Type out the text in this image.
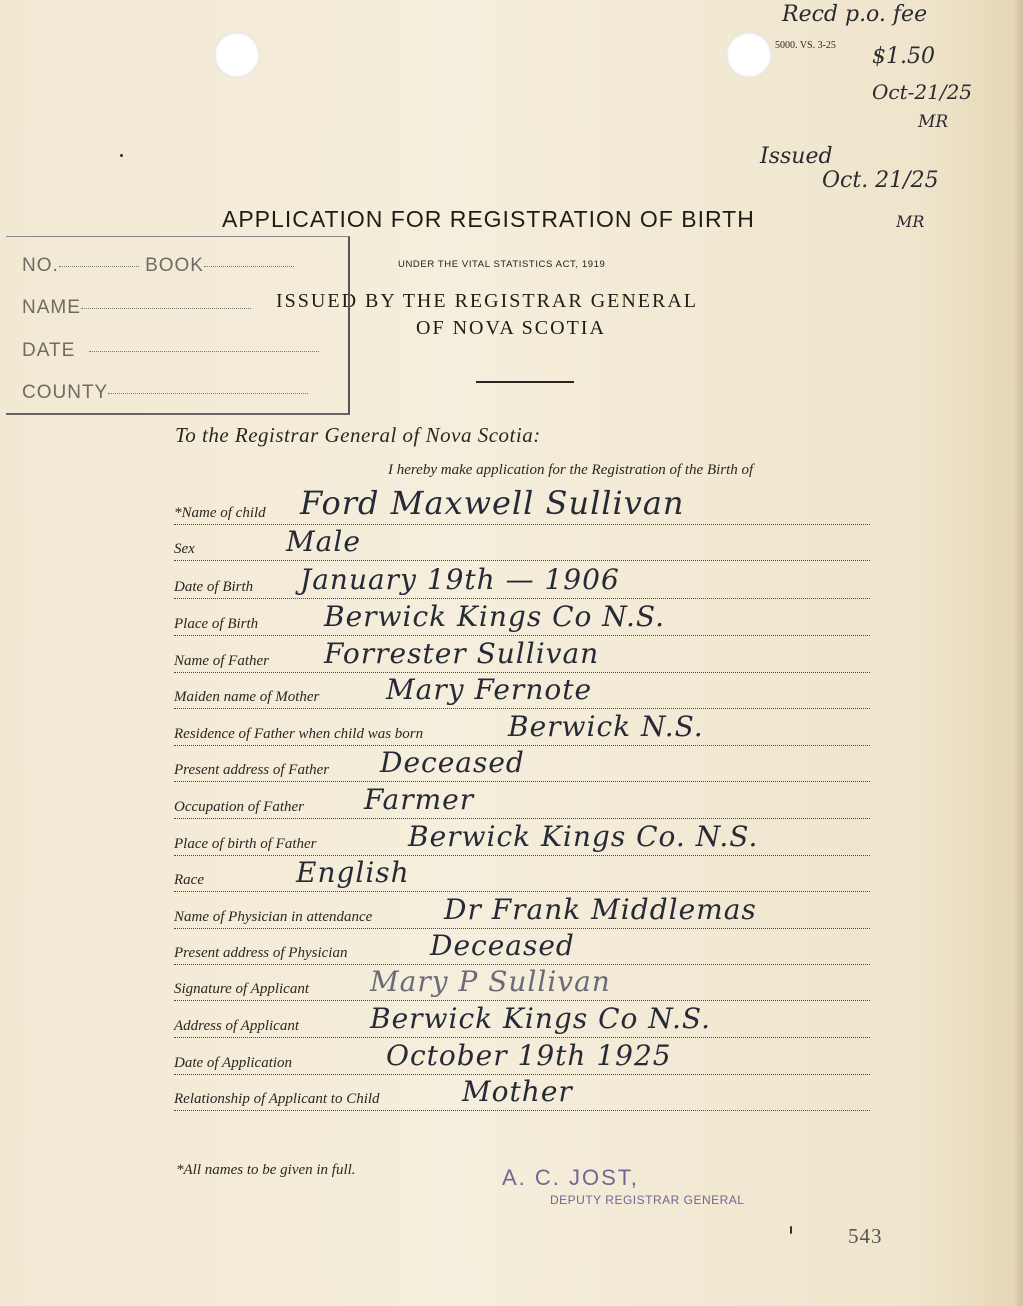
5000. VS. 3-25
Recd p.o. fee
$1.50
Oct-21/25
MR
Issued
Oct. 21/25
MR
APPLICATION FOR REGISTRATION OF BIRTH
UNDER THE VITAL STATISTICS ACT, 1919
ISSUED BY THE REGISTRAR GENERAL
OF NOVA SCOTIA
NO.	BOOK
NAME
DATE
COUNTY
To the Registrar General of Nova Scotia:
I hereby make application for the Registration of the Birth of
*Name of child Ford Maxwell Sullivan
Sex	Male
Date of Birth January 19th — 1906
Place of Birth Berwick Kings Co N.S.
Name of Father Forrester Sullivan
Maiden name of Mother Mary Fernote
Residence of Father when child was born	Berwick N.S.
Present address of Father Deceased
Occupation of Father Farmer
Place of birth of Father	Berwick Kings Co. N.S.
Race	English
Name of Physician in attendance	Dr Frank Middlemas
Present address of Physician	Deceased
Signature of Applicant Mary P Sullivan
Address of Applicant	Berwick Kings Co N.S.
Date of Application	October 19th 1925
Relationship of Applicant to Child	Mother
*All names to be given in full.	A. C. JOST,
DEPUTY REGISTRAR GENERAL
543
